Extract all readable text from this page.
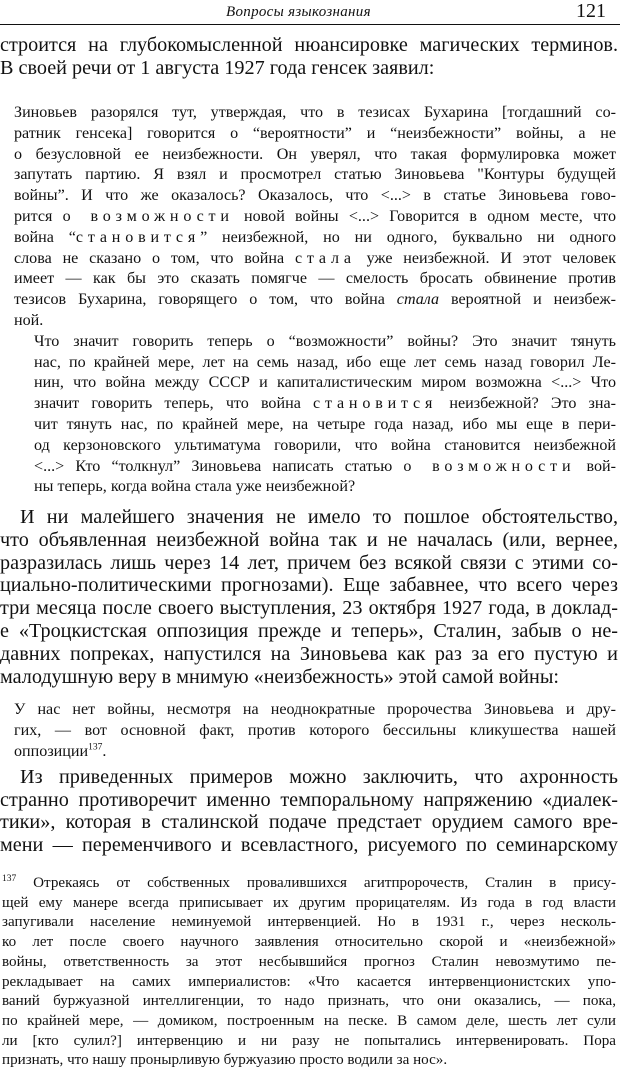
Вопросы языкознания	121
строится на глубокомысленной нюансировке магических терминов.
В своей речи от 1 августа 1927 года генсек заявил:
Зиновьев разорялся тут, утверждая, что в тезисах Бухарина [тогдашний со-
ратник генсека] говорится о “вероятности” и “неизбежности” войны, а не
о безусловной ее неизбежности. Он уверял, что такая формулировка может
запутать партию. Я взял и просмотрел статью Зиновьева "Контуры будущей
войны”. И что же оказалось? Оказалось, что <...> в статье Зиновьева гово-
рится о возможности новой войны <...> Говорится в одном месте, что
война “становится” неизбежной, но ни одного, буквально ни одного
слова не сказано о том, что война стала уже неизбежной. И этот человек
имеет — как бы это сказать помягче — смелость бросать обвинение против
тезисов Бухарина, говорящего о том, что война стала вероятной и неизбеж-
ной.
Что значит говорить теперь о “возможности” войны? Это значит тянуть
нас, по крайней мере, лет на семь назад, ибо еще лет семь назад говорил Ле-
нин, что война между СССР и капиталистическим миром возможна <...> Что
значит говорить теперь, что война становится неизбежной? Это зна-
чит тянуть нас, по крайней мере, на четыре года назад, ибо мы еще в пери-
од керзоновского ультиматума говорили, что война становится неизбежной
<...> Кто “толкнул” Зиновьева написать статью о возможности вой-
ны теперь, когда война стала уже неизбежной?
И ни малейшего значения не имело то пошлое обстоятельство,
что объявленная неизбежной война так и не началась (или, вернее,
разразилась лишь через 14 лет, причем без всякой связи с этими со-
циально-политическими прогнозами). Еще забавнее, что всего через
три месяца после своего выступления, 23 октября 1927 года, в доклад-
е «Троцкистская оппозиция прежде и теперь», Сталин, забыв о не-
давних попреках, напустился на Зиновьева как раз за его пустую и
малодушную веру в мнимую «неизбежность» этой самой войны:
У нас нет войны, несмотря на неоднократные пророчества Зиновьева и дру-
гих, — вот основной факт, против которого бессильны кликушества нашей
оппозиции$^{137}$.
Из приведенных примеров можно заключить, что ахронность
странно противоречит именно темпоральному напряжению «диалек-
тики», которая в сталинской подаче предстает орудием самого вре-
мени — переменчивого и всевластного, рисуемого по семинарскому
$^{137}$ Отрекаясь от собственных провалившихся агитпророчеств, Сталин в прису-
щей ему манере всегда приписывает их другим прорицателям. Из года в год власти
запугивали население неминуемой интервенцией. Но в 1931 г., через несколь-
ко лет после своего научного заявления относительно скорой и «неизбежной»
войны, ответственность за этот несбывшийся прогноз Сталин невозмутимо пе-
рекладывает на самих империалистов: «Что касается интервенционистских упо-
ваний буржуазной интеллигенции, то надо признать, что они оказались, — пока,
по крайней мере, — домиком, построенным на песке. В самом деле, шесть лет сули
ли [кто сулил?] интервенцию и ни разу не попытались интервенировать. Пора
признать, что нашу пронырливую буржуазию просто водили за нос».
